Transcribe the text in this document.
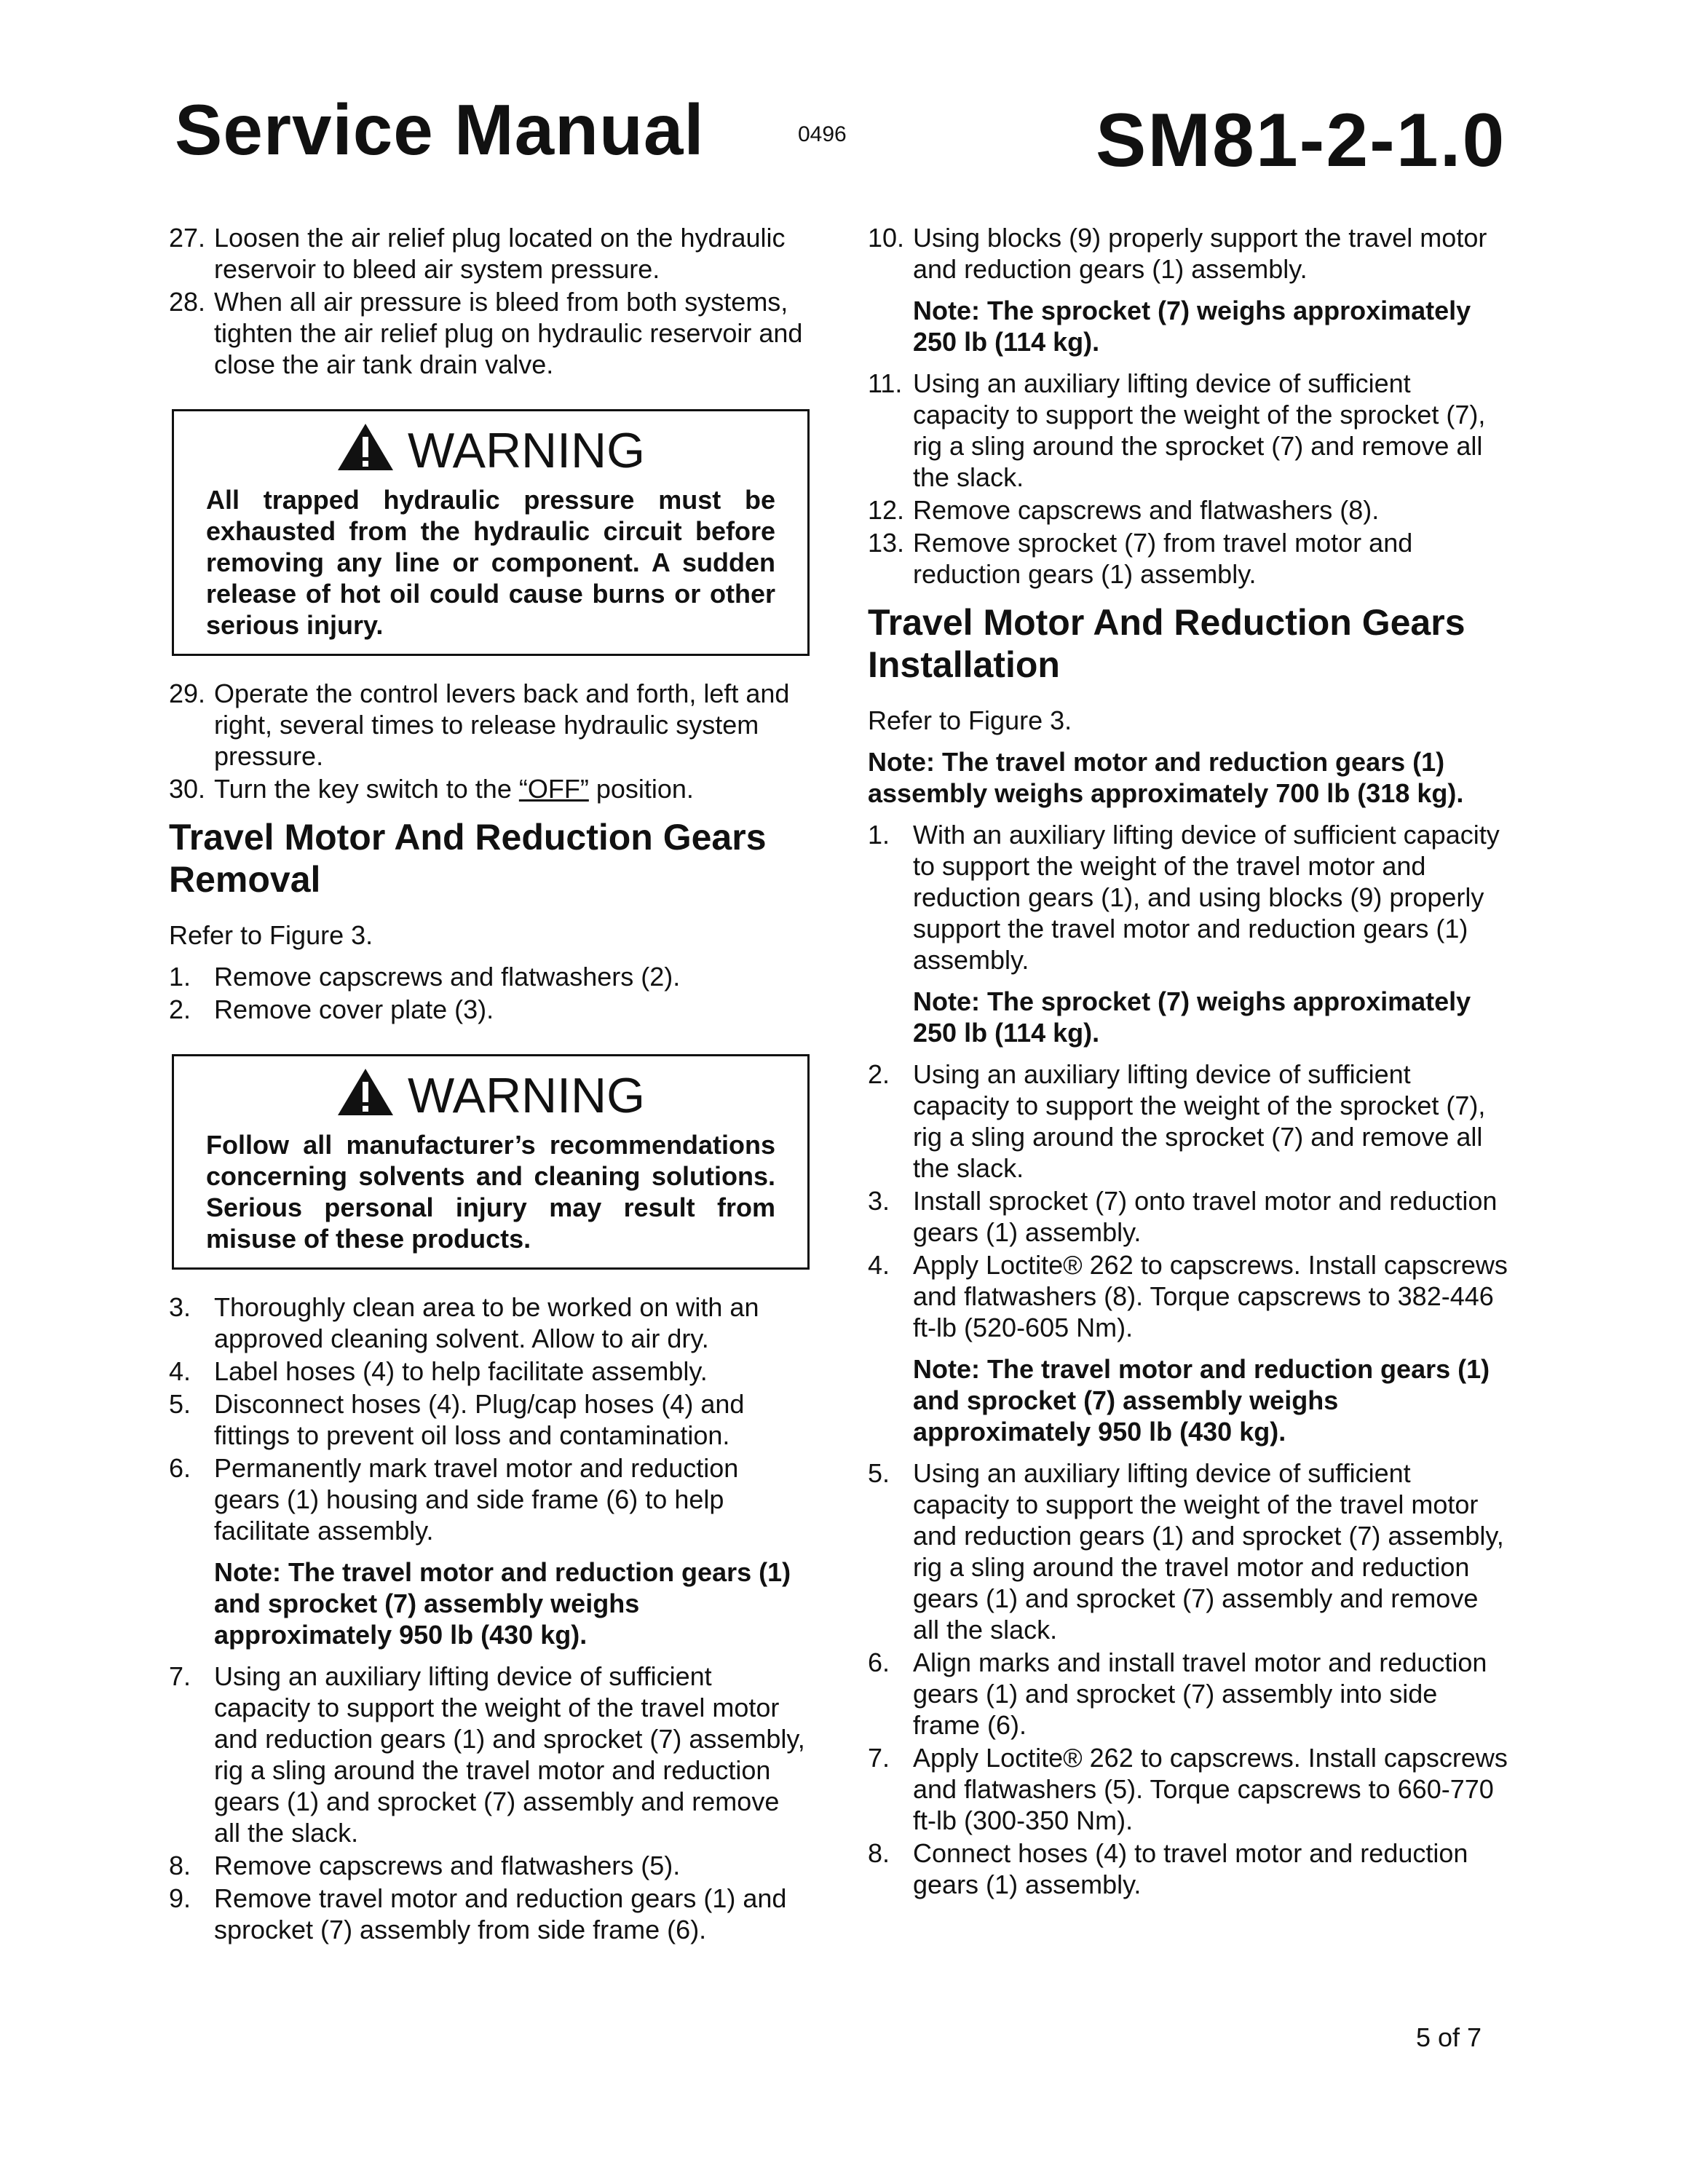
Service Manual	0496	SM81-2-1.0
27. Loosen the air relief plug located on the hydraulic reservoir to bleed air system pressure.
28. When all air pressure is bleed from both systems, tighten the air relief plug on hydraulic reservoir and close the air tank drain valve.
WARNING

All trapped hydraulic pressure must be exhausted from the hydraulic circuit before removing any line or component. A sudden release of hot oil could cause burns or other serious injury.

29. Operate the control levers back and forth, left and right, several times to release hydraulic system pressure.
30. Turn the key switch to the “OFF” position.
Travel Motor And Reduction Gears Removal

Refer to Figure 3.

1. Remove capscrews and flatwashers (2).
2. Remove cover plate (3).
WARNING

Follow all manufacturer’s recommendations concerning solvents and cleaning solutions. Serious personal injury may result from misuse of these products.

3. Thoroughly clean area to be worked on with an approved cleaning solvent. Allow to air dry.
4. Label hoses (4) to help facilitate assembly.
5. Disconnect hoses (4). Plug/cap hoses (4) and fittings to prevent oil loss and contamination.
6. Permanently mark travel motor and reduction gears (1) housing and side frame (6) to help facilitate assembly.

Note: The travel motor and reduction gears (1) and sprocket (7) assembly weighs approximately 950 lb (430 kg).

7. Using an auxiliary lifting device of sufficient capacity to support the weight of the travel motor and reduction gears (1) and sprocket (7) assembly, rig a sling around the travel motor and reduction gears (1) and sprocket (7) assembly and remove all the slack.
8. Remove capscrews and flatwashers (5).
9. Remove travel motor and reduction gears (1) and sprocket (7) assembly from side frame (6).
10. Using blocks (9) properly support the travel motor and reduction gears (1) assembly.

Note: The sprocket (7) weighs approximately 250 lb (114 kg).

11. Using an auxiliary lifting device of sufficient capacity to support the weight of the sprocket (7), rig a sling around the sprocket (7) and remove all the slack.
12. Remove capscrews and flatwashers (8).
13. Remove sprocket (7) from travel motor and reduction gears (1) assembly.
Travel Motor And Reduction Gears Installation

Refer to Figure 3.

Note: The travel motor and reduction gears (1) assembly weighs approximately 700 lb (318 kg).

1. With an auxiliary lifting device of sufficient capacity to support the weight of the travel motor and reduction gears (1), and using blocks (9) properly support the travel motor and reduction gears (1) assembly.

Note: The sprocket (7) weighs approximately 250 lb (114 kg).

2. Using an auxiliary lifting device of sufficient capacity to support the weight of the sprocket (7), rig a sling around the sprocket (7) and remove all the slack.
3. Install sprocket (7) onto travel motor and reduction gears (1) assembly.
4. Apply Loctite® 262 to capscrews. Install capscrews and flatwashers (8). Torque capscrews to 382-446 ft-lb (520-605 Nm).

Note: The travel motor and reduction gears (1) and sprocket (7) assembly weighs approximately 950 lb (430 kg).

5. Using an auxiliary lifting device of sufficient capacity to support the weight of the travel motor and reduction gears (1) and sprocket (7) assembly, rig a sling around the travel motor and reduction gears (1) and sprocket (7) assembly and remove all the slack.
6. Align marks and install travel motor and reduction gears (1) and sprocket (7) assembly into side frame (6).
7. Apply Loctite® 262 to capscrews. Install capscrews and flatwashers (5). Torque capscrews to 660-770 ft-lb (300-350 Nm).
8. Connect hoses (4) to travel motor and reduction gears (1) assembly.
5 of 7
